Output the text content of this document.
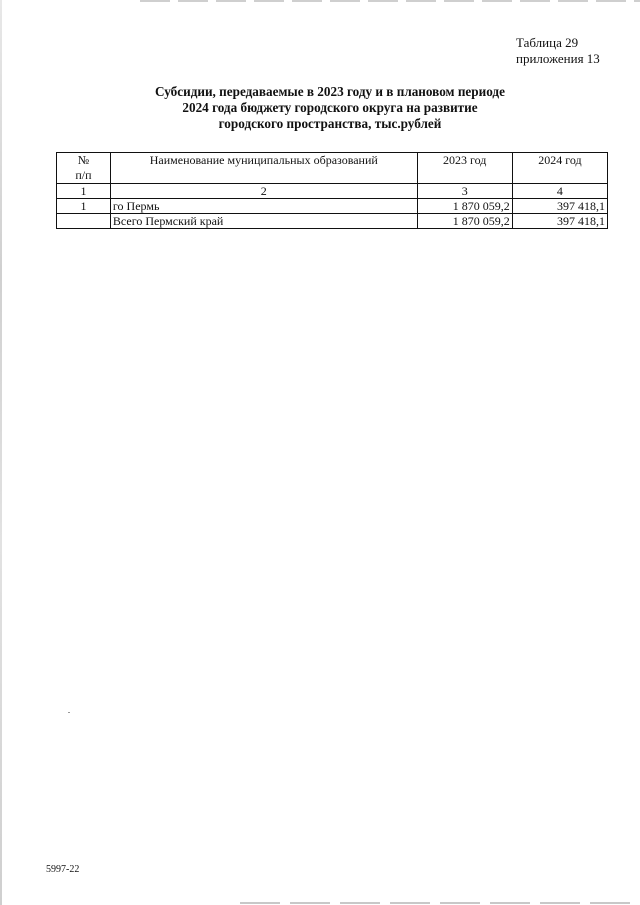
Таблица 29
приложения 13
Субсидии, передаваемые в 2023 году и в плановом периоде
2024 года бюджету городского округа на развитие
городского пространства, тыс.рублей
№
п/п	Наименование муниципальных образований	2023 год	2024 год
1	2	3	4
1	го Пермь	1 870 059,2	397 418,1
	Всего Пермский край	1 870 059,2	397 418,1
5997-22
